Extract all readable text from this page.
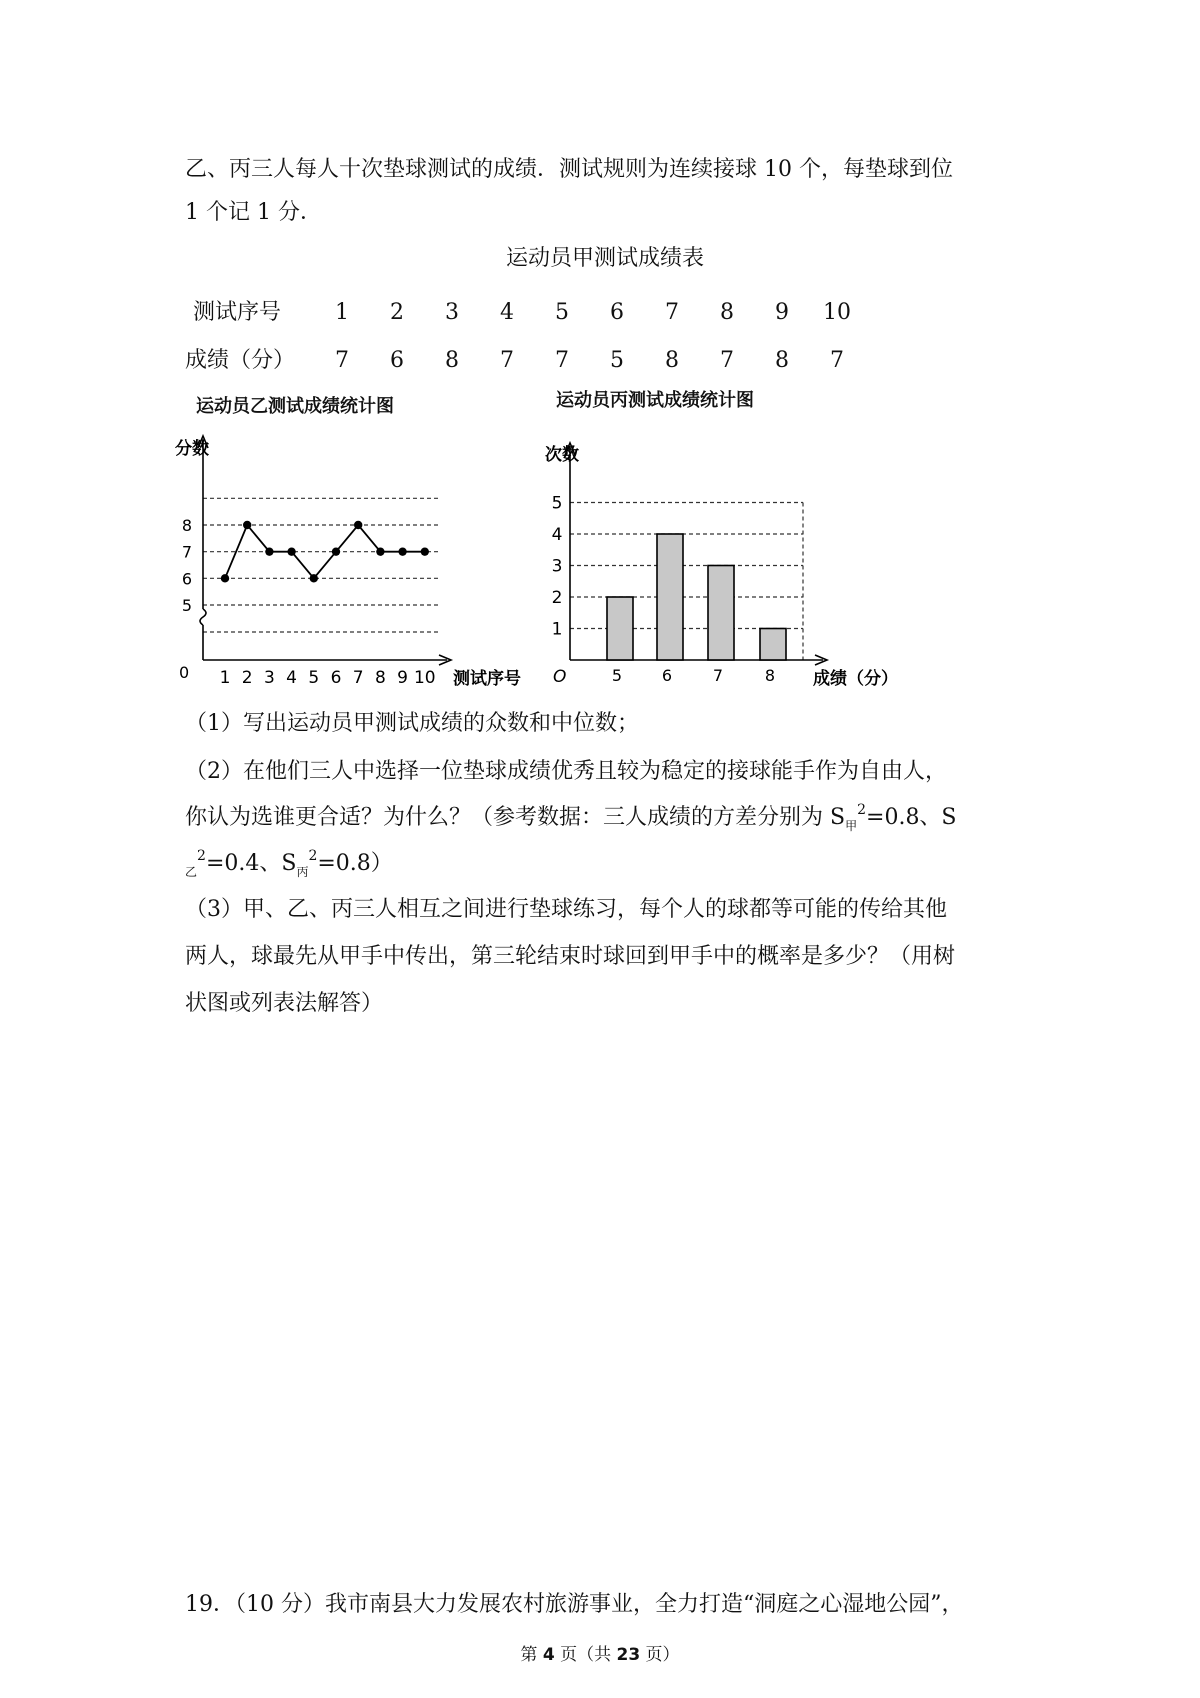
乙、丙三人每人十次垫球测试的成绩．测试规则为连续接球 10 个，每垫球到位
1 个记 1 分．
运动员甲测试成绩表
测试序号	1	2	3	4	5	6	7	8	9	10
成绩（分）	7	6	8	7	7	5	8	7	8	7
运动员乙测试成绩统计图	运动员丙测试成绩统计图
分数
测试序号
0
5
6
7
8
1 2 3 4 5 6 7 8 9 10
次数
成绩（分）
O
1
2
3
4
5
5 6	7	8
（1）写出运动员甲测试成绩的众数和中位数；
（2）在他们三人中选择一位垫球成绩优秀且较为稳定的接球能手作为自由人，
你认为选谁更合适？为什么？（参考数据：三人成绩的方差分别为 $S_甲^2=0.8$、S
$_乙^2$=0.4、$S_丙^2=0.8$）
（3）甲、乙、丙三人相互之间进行垫球练习，每个人的球都等可能的传给其他
两人，球最先从甲手中传出，第三轮结束时球回到甲手中的概率是多少？（用树
状图或列表法解答）
19．（10 分）我市南县大力发展农村旅游事业，全力打造“洞庭之心湿地公园”，
第 4 页（共 23 页）
